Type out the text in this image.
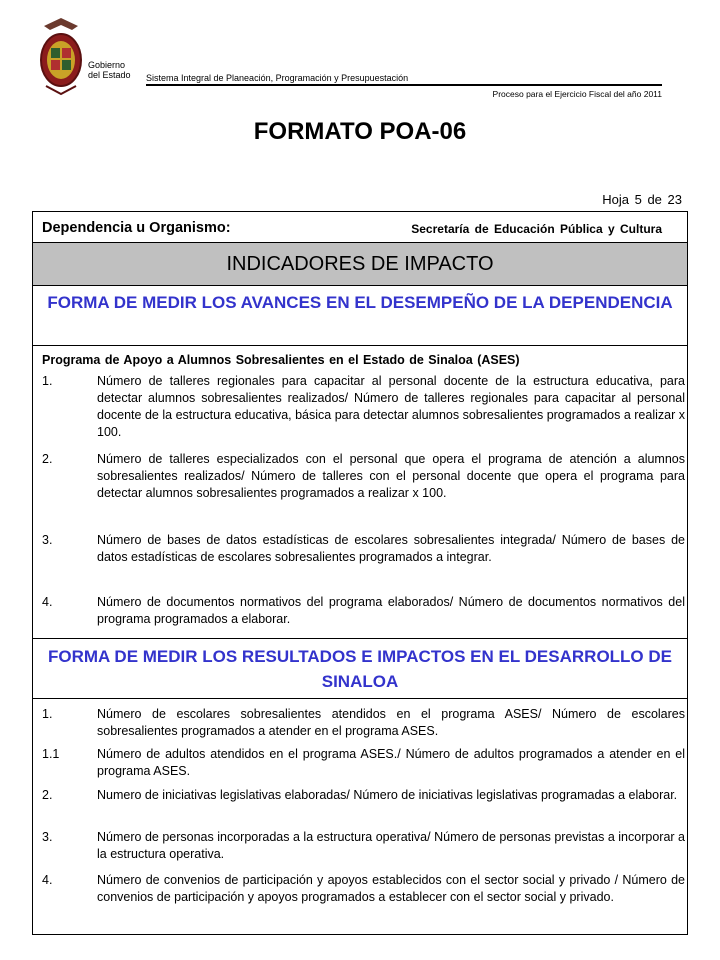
Gobierno
del Estado Sistema Integral de Planeación, Programación y Presupuestación
Proceso para el Ejercicio Fiscal del año 2011
FORMATO POA-06
Hoja 5 de 23
Dependencia u Organismo:	Secretaría de Educación Pública y Cultura
INDICADORES DE IMPACTO
FORMA DE MEDIR LOS AVANCES EN EL DESEMPEÑO DE LA DEPENDENCIA
Programa de Apoyo a Alumnos Sobresalientes en el Estado de Sinaloa (ASES)
1.	Número de talleres regionales para capacitar al personal docente de la estructura educativa, para detectar alumnos sobresalientes realizados/ Número de talleres regionales para capacitar al personal docente de la estructura educativa, básica para detectar alumnos sobresalientes programados a realizar x 100.
2.	Número de talleres especializados con el personal que opera el programa de atención a alumnos sobresalientes realizados/ Número de talleres con el personal docente que opera el programa para detectar alumnos sobresalientes programados a realizar x 100.
3.	Número de bases de datos estadísticas de escolares sobresalientes integrada/ Número de bases de datos estadísticas de escolares sobresalientes programados a integrar.
4.	Número de documentos normativos del programa elaborados/ Número de documentos normativos del programa programados a elaborar.
FORMA DE MEDIR LOS RESULTADOS E IMPACTOS EN EL DESARROLLO DE SINALOA
1.	Número de escolares sobresalientes atendidos en el programa ASES/ Número de escolares sobresalientes programados a atender en el programa ASES.
1.1	Número de adultos atendidos en el programa ASES./ Número de adultos programados a atender en el programa ASES.
2.	Numero de iniciativas legislativas elaboradas/ Número de iniciativas legislativas programadas a elaborar.
3.	Número de personas incorporadas a la estructura operativa/ Número de personas previstas a incorporar a la estructura operativa.
4.	Número de convenios de participación y apoyos establecidos con el sector social y privado / Número de convenios de participación y apoyos programados a establecer con el sector social y privado.
